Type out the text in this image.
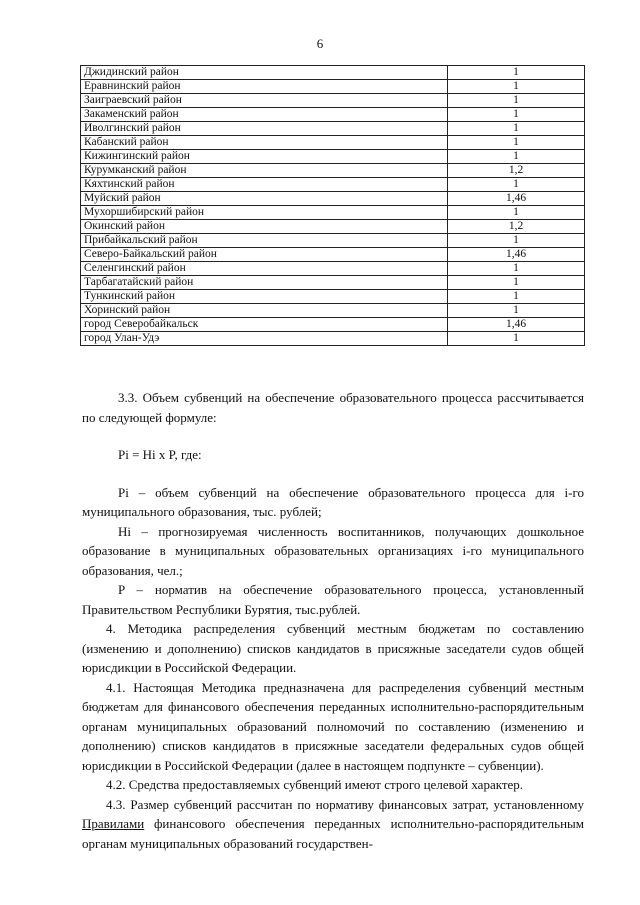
6
Джидинский район	1
Еравнинский район	1
Заиграевский район	1
Закаменский район	1
Иволгинский район	1
Кабанский район	1
Кижингинский район	1
Курумканский район	1,2
Кяхтинский район	1
Муйский район	1,46
Мухоршибирский район	1
Окинский район	1,2
Прибайкальский район	1
Северо-Байкальский район	1,46
Селенгинский район	1
Тарбагатайский район	1
Тункинский район	1
Хоринский район	1
город Северобайкальск	1,46
город Улан-Удэ	1

3.3. Объем субвенций на обеспечение образовательного процесса рассчитывается по следующей формуле:

Pi = Hi x P, где:

Pi – объем субвенций на обеспечение образовательного процесса для i-го муниципального образования, тыс. рублей;

Hi – прогнозируемая численность воспитанников, получающих дошкольное образование в муниципальных образовательных организациях i-го муниципального образования, чел.;

P – норматив на обеспечение образовательного процесса, установленный Правительством Республики Бурятия, тыс.рублей.

4. Методика распределения субвенций местным бюджетам по составлению (изменению и дополнению) списков кандидатов в присяжные заседатели судов общей юрисдикции в Российской Федерации.

4.1. Настоящая Методика предназначена для распределения субвенций местным бюджетам для финансового обеспечения переданных исполнительно-распорядительным органам муниципальных образований полномочий по составлению (изменению и дополнению) списков кандидатов в присяжные заседатели федеральных судов общей юрисдикции в Российской Федерации (далее в настоящем подпункте – субвенции).

4.2. Средства предоставляемых субвенций имеют строго целевой характер.

4.3. Размер субвенций рассчитан по нормативу финансовых затрат, установленному Правилами финансового обеспечения переданных исполнительно-распорядительным органам муниципальных образований государствен-
